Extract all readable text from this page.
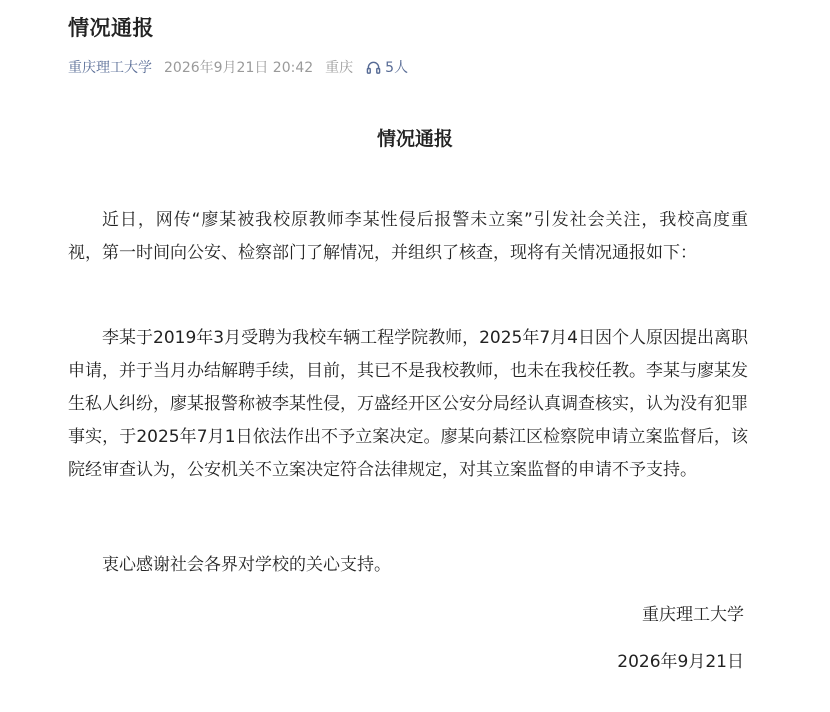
情况通报
重庆理工大学 2026年9月21日 20:42 重庆 5人
情况通报

近日，网传“廖某被我校原教师李某性侵后报警未立案”引发社会关注，我校高度重视，第一时间向公安、检察部门了解情况，并组织了核查，现将有关情况通报如下：

李某于2019年3月受聘为我校车辆工程学院教师，2025年7月4日因个人原因提出离职申请，并于当月办结解聘手续，目前，其已不是我校教师，也未在我校任教。李某与廖某发生私人纠纷，廖某报警称被李某性侵，万盛经开区公安分局经认真调查核实，认为没有犯罪事实，于2025年7月1日依法作出不予立案决定。廖某向綦江区检察院申请立案监督后，该院经审查认为，公安机关不立案决定符合法律规定，对其立案监督的申请不予支持。

衷心感谢社会各界对学校的关心支持。

重庆理工大学
2026年9月21日
